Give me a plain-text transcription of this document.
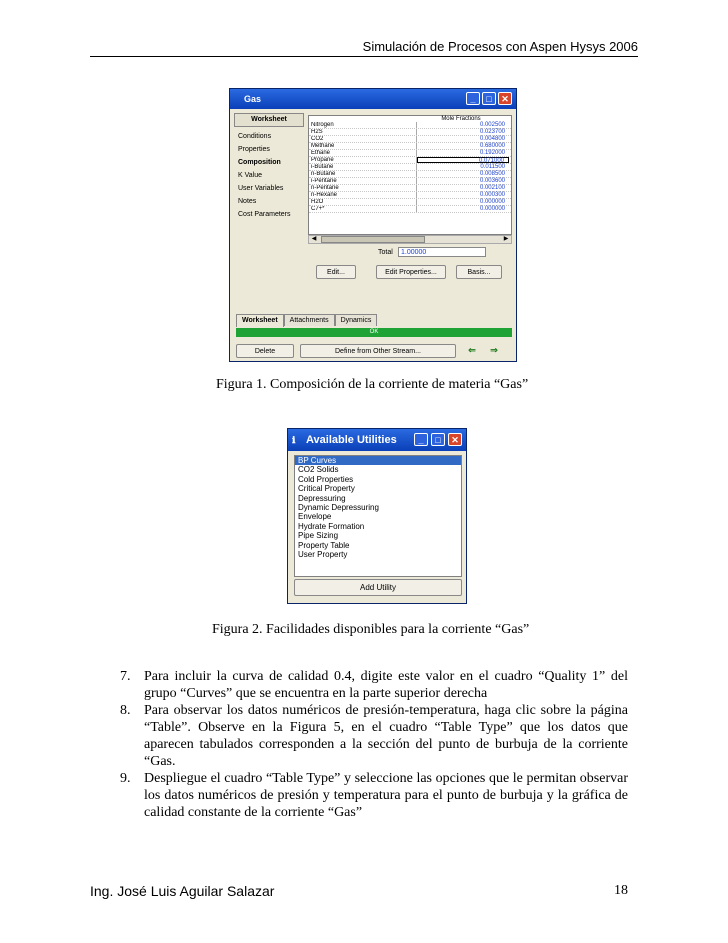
Simulación de Procesos con Aspen Hysys 2006
Gas	_	□	✕
Worksheet
Conditions
Properties
Composition
K Value
User Variables
Notes
Cost Parameters
Mole Fractions
Nitrogen	0.002500
H2S	0.023700
CO2	0.004800
Methane	0.680000
Ethane	0.192000
Propane	0.071000
i-Butane	0.011500
n-Butane	0.008500
i-Pentane	0.003600
n-Pentane	0.002100
n-Hexane	0.000300
H2O	0.000000
C7+*	0.000000
◀	▶
Total	1.00000
Edit...	Edit Properties...	Basis...
Worksheet	Attachments	Dynamics
OK
Delete	Define from Other Stream...	⇐	⇒
Figura 1. Composición de la corriente de materia “Gas”
ℹ Available Utilities	_	□	✕
BP Curves
CO2 Solids
Cold Properties
Critical Property
Depressuring
Dynamic Depressuring
Envelope
Hydrate Formation
Pipe Sizing
Property Table
User Property
Add Utility
Figura 2. Facilidades disponibles para la corriente “Gas”
7. Para incluir la curva de calidad 0.4, digite este valor en el cuadro “Quality 1” del grupo “Curves” que se encuentra en la parte superior derecha
8. Para observar los datos numéricos de presión-temperatura, haga clic sobre la página “Table”. Observe en la Figura 5, en el cuadro “Table Type” que los datos que aparecen tabulados corresponden a la sección del punto de burbuja de la corriente “Gas.
9. Despliegue el cuadro “Table Type” y seleccione las opciones que le permitan observar los datos numéricos de presión y temperatura para el punto de burbuja y la gráfica de calidad constante de la corriente “Gas”
Ing. José Luis Aguilar Salazar	18
